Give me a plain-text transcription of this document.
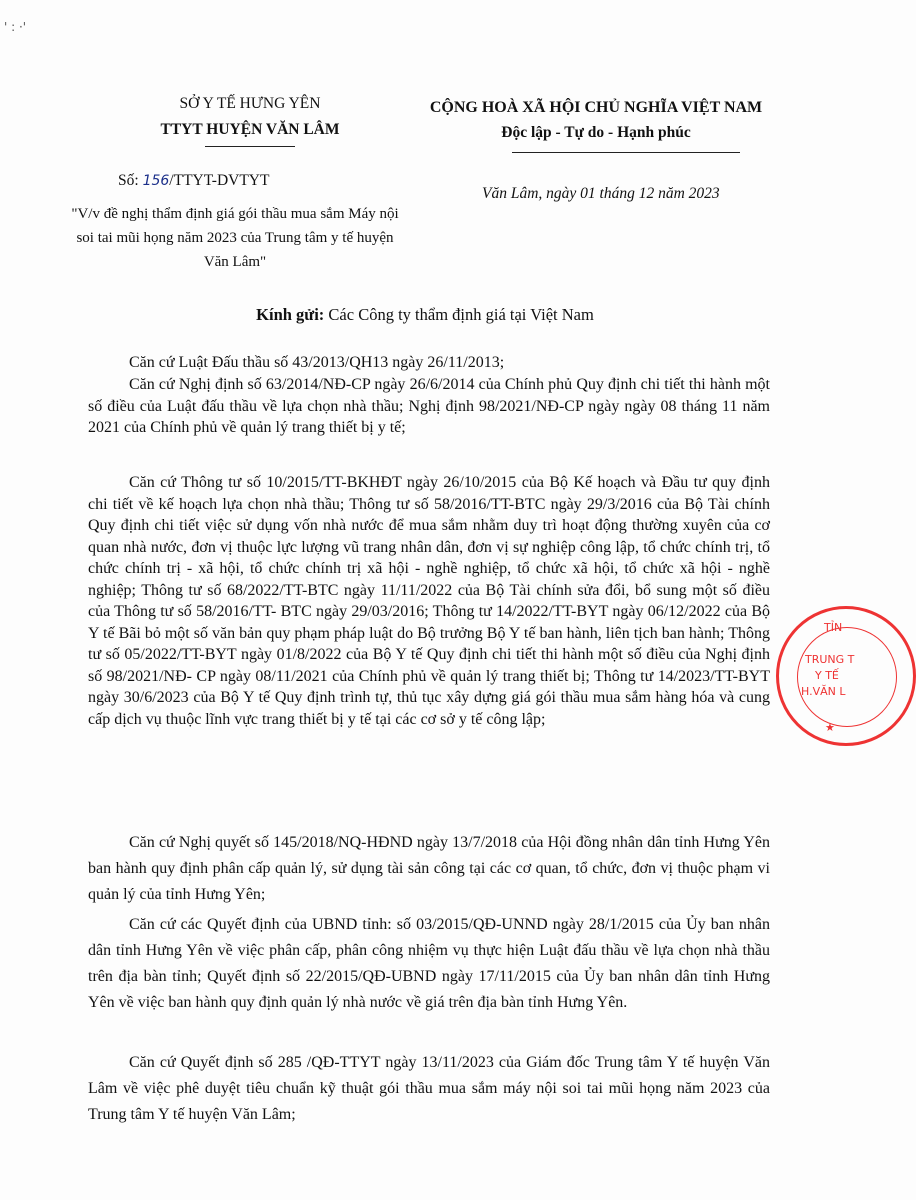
' : ·'
SỞ Y TẾ HƯNG YÊN
TTYT HUYỆN VĂN LÂM
CỘNG HOÀ XÃ HỘI CHỦ NGHĨA VIỆT NAM
Độc lập - Tự do - Hạnh phúc
Số: 156/TTYT-DVTYT
Văn Lâm, ngày 01 tháng 12 năm 2023
"V/v đề nghị thẩm định giá gói thầu mua sắm Máy nội soi tai mũi họng năm 2023 của Trung tâm y tế huyện Văn Lâm"
Kính gửi: Các Công ty thẩm định giá tại Việt Nam

Căn cứ Luật Đấu thầu số 43/2013/QH13 ngày 26/11/2013;

Căn cứ Nghị định số 63/2014/NĐ-CP ngày 26/6/2014 của Chính phủ Quy định chi tiết thi hành một số điều của Luật đấu thầu về lựa chọn nhà thầu; Nghị định 98/2021/NĐ-CP ngày ngày 08 tháng 11 năm 2021 của Chính phủ về quản lý trang thiết bị y tế;

Căn cứ Thông tư số 10/2015/TT-BKHĐT ngày 26/10/2015 của Bộ Kế hoạch và Đầu tư quy định chi tiết về kế hoạch lựa chọn nhà thầu; Thông tư số 58/2016/TT-BTC ngày 29/3/2016 của Bộ Tài chính Quy định chi tiết việc sử dụng vốn nhà nước để mua sắm nhằm duy trì hoạt động thường xuyên của cơ quan nhà nước, đơn vị thuộc lực lượng vũ trang nhân dân, đơn vị sự nghiệp công lập, tổ chức chính trị, tổ chức chính trị - xã hội, tổ chức chính trị xã hội - nghề nghiệp, tổ chức xã hội, tổ chức xã hội - nghề nghiệp; Thông tư số 68/2022/TT-BTC ngày 11/11/2022 của Bộ Tài chính sửa đổi, bổ sung một số điều của Thông tư số 58/2016/TT- BTC ngày 29/03/2016; Thông tư 14/2022/TT-BYT ngày 06/12/2022 của Bộ Y tế Bãi bỏ một số văn bản quy phạm pháp luật do Bộ trưởng Bộ Y tế ban hành, liên tịch ban hành; Thông tư số 05/2022/TT-BYT ngày 01/8/2022 của Bộ Y tế Quy định chi tiết thi hành một số điều của Nghị định số 98/2021/NĐ- CP ngày 08/11/2021 của Chính phủ về quản lý trang thiết bị; Thông tư 14/2023/TT-BYT ngày 30/6/2023 của Bộ Y tế Quy định trình tự, thủ tục xây dựng giá gói thầu mua sắm hàng hóa và cung cấp dịch vụ thuộc lĩnh vực trang thiết bị y tế tại các cơ sở y tế công lập;

Căn cứ Nghị quyết số 145/2018/NQ-HĐND ngày 13/7/2018 của Hội đồng nhân dân tỉnh Hưng Yên ban hành quy định phân cấp quản lý, sử dụng tài sản công tại các cơ quan, tổ chức, đơn vị thuộc phạm vi quản lý của tỉnh Hưng Yên;

Căn cứ các Quyết định của UBND tỉnh: số 03/2015/QĐ-UNND ngày 28/1/2015 của Ủy ban nhân dân tỉnh Hưng Yên về việc phân cấp, phân công nhiệm vụ thực hiện Luật đấu thầu về lựa chọn nhà thầu trên địa bàn tỉnh; Quyết định số 22/2015/QĐ-UBND ngày 17/11/2015 của Ủy ban nhân dân tỉnh Hưng Yên về việc ban hành quy định quản lý nhà nước về giá trên địa bàn tỉnh Hưng Yên.

Căn cứ Quyết định số 285 /QĐ-TTYT ngày 13/11/2023 của Giám đốc Trung tâm Y tế huyện Văn Lâm về việc phê duyệt tiêu chuẩn kỹ thuật gói thầu mua sắm máy nội soi tai mũi họng năm 2023 của Trung tâm Y tế huyện Văn Lâm;

TỈN
TRUNG T
Y TẾ
H.VĂN L
★
